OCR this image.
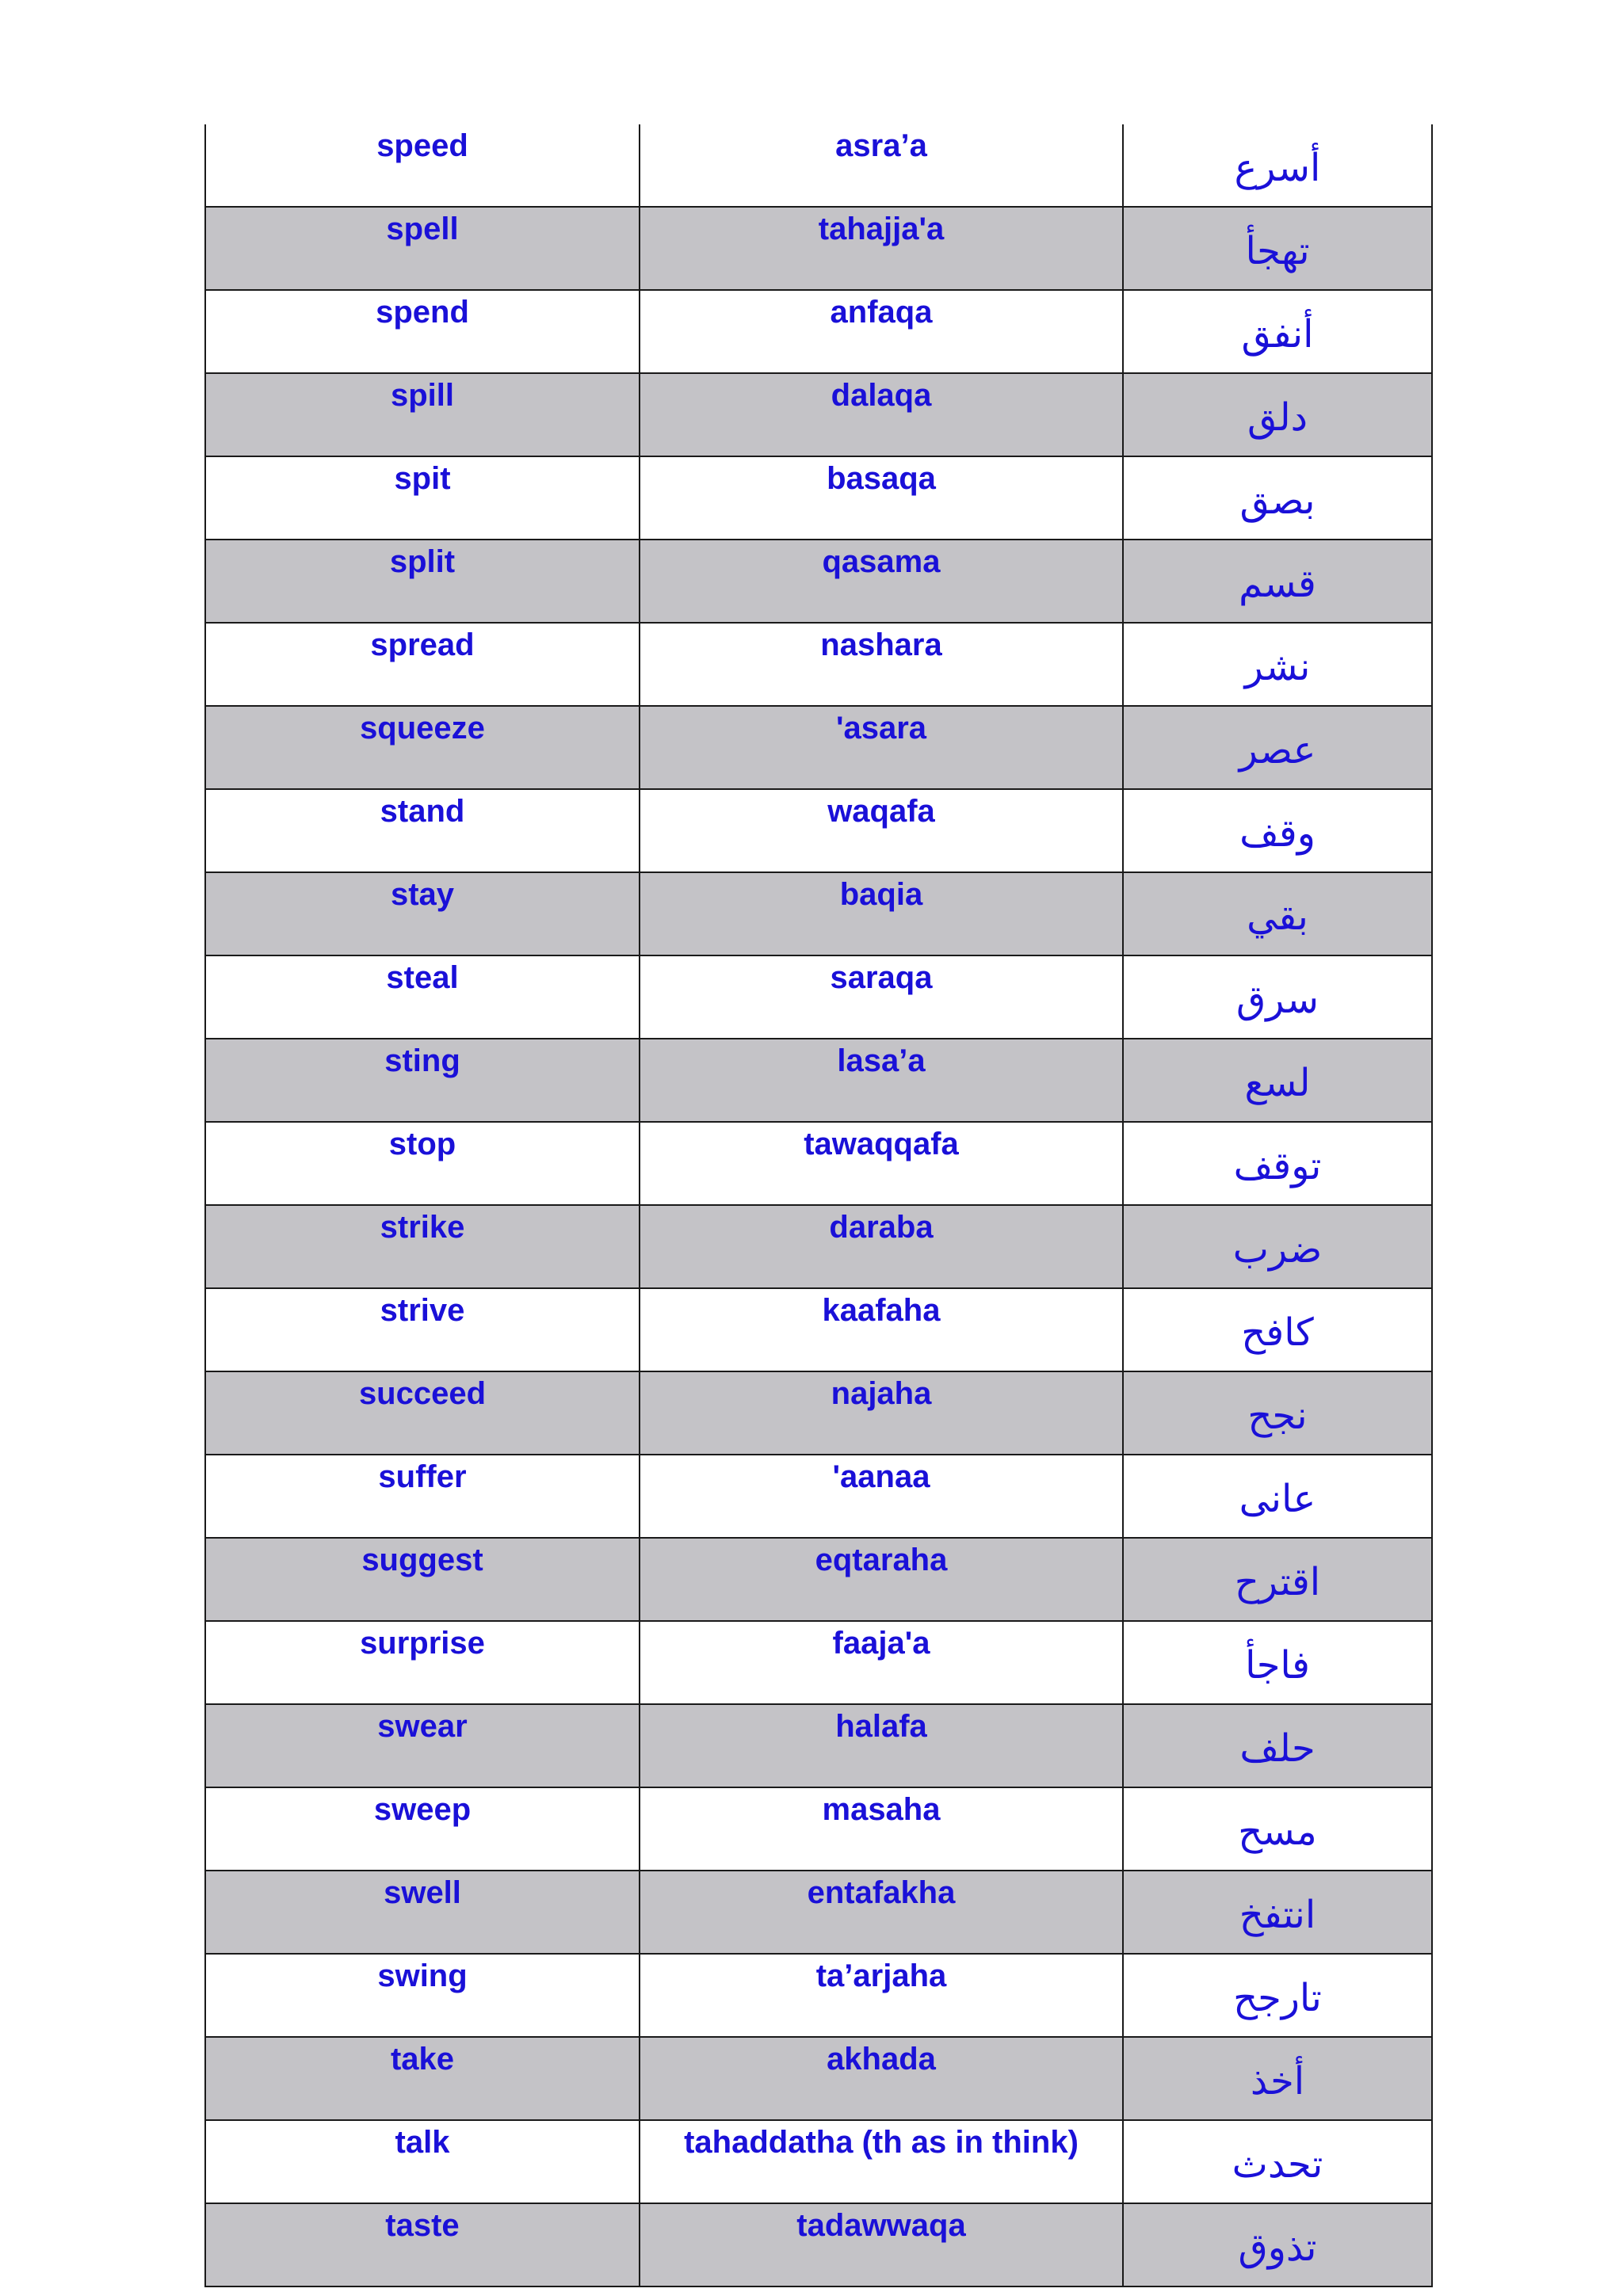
speed	asra’a	أسرع
spell	tahajja'a	تهجأ
spend	anfaqa	أنفق
spill	dalaqa	دلق
spit	basaqa	بصق
split	qasama	قسم
spread	nashara	نشر
squeeze	'asara	عصر
stand	waqafa	وقف
stay	baqia	بقي
steal	saraqa	سرق
sting	lasa’a	لسع
stop	tawaqqafa	توقف
strike	daraba	ضرب
strive	kaafaha	كافح
succeed	najaha	نجح
suffer	'aanaa	عانى
suggest	eqtaraha	اقترح
surprise	faaja'a	فاجأ
swear	halafa	حلف
sweep	masaha	مسح
swell	entafakha	انتفخ
swing	ta’arjaha	تارجح
take	akhada	أخذ
talk	tahaddatha (th as in think)	تحدث
taste	tadawwaqa	تذوق
